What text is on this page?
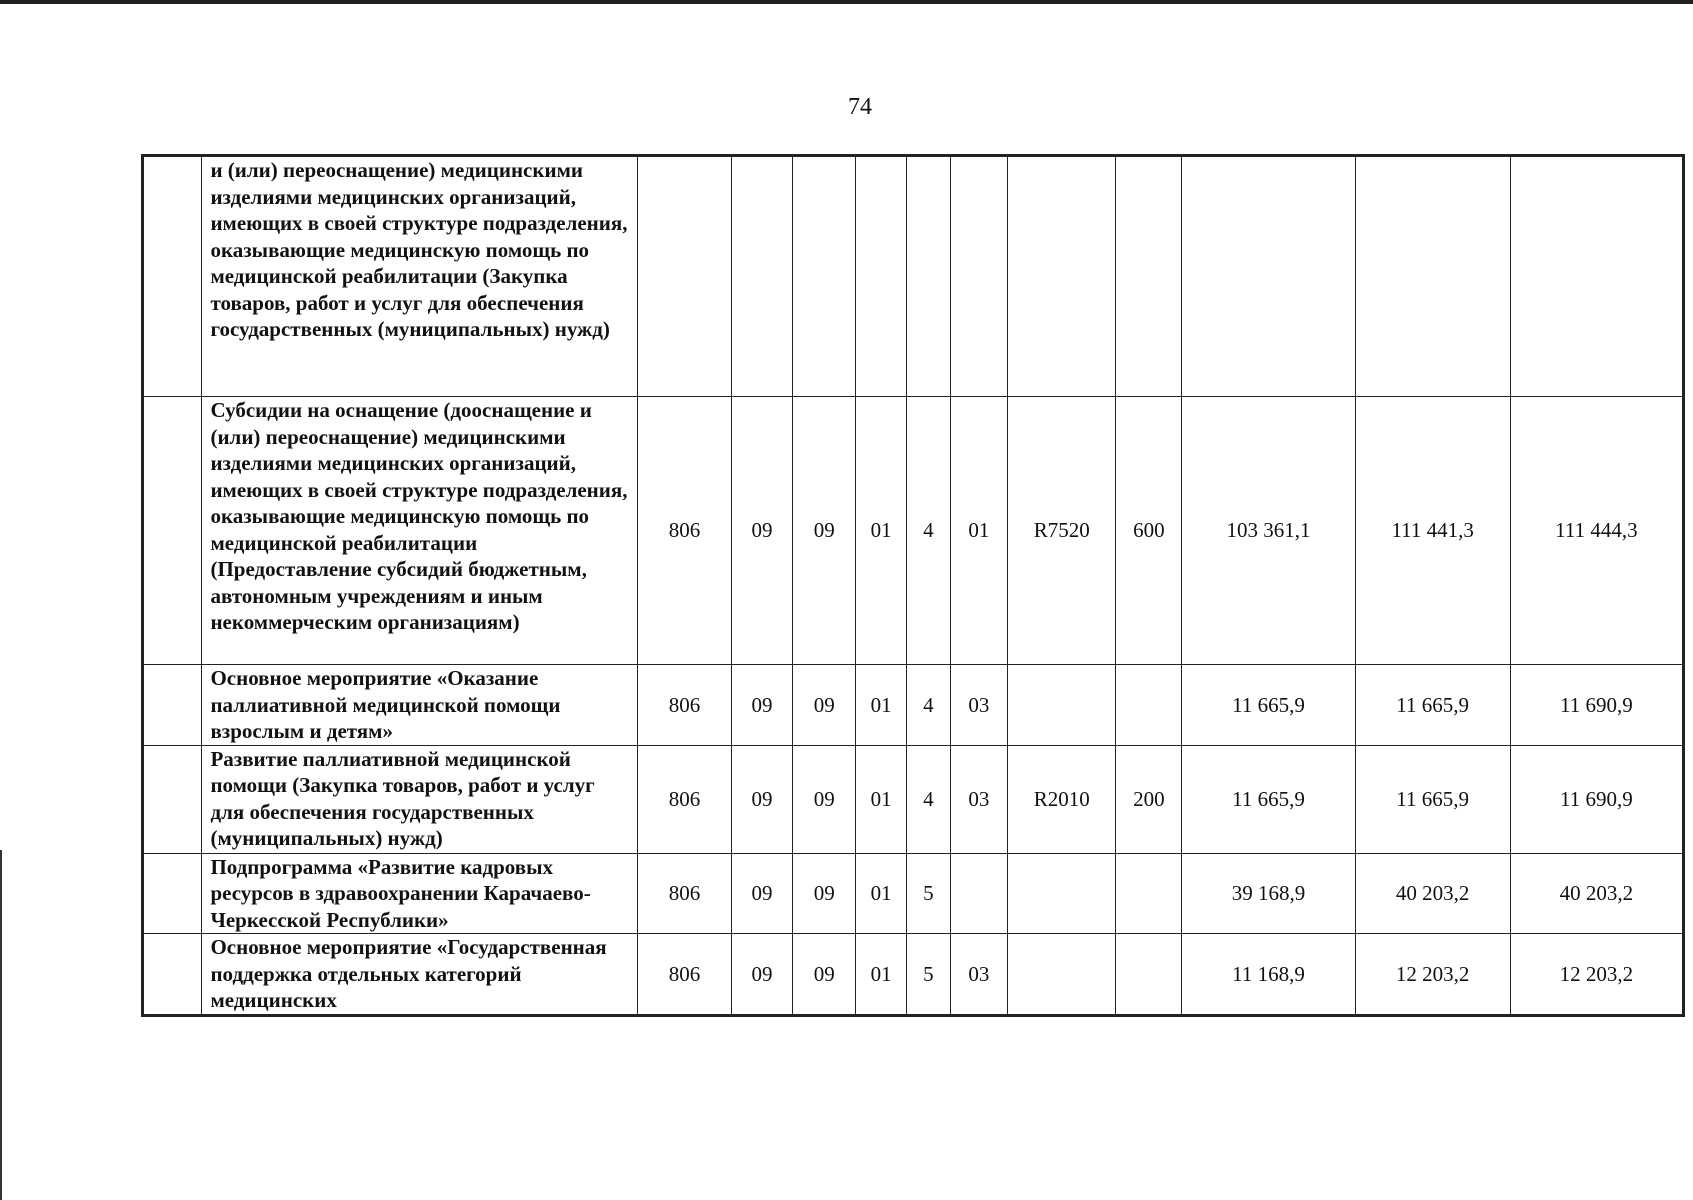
74
	и (или) переоснащение) медицинскими изделиями медицинских организаций, имеющих в своей структуре подразделения, оказывающие медицинскую помощь по медицинской реабилитации (Закупка товаров, работ и услуг для обеспечения государственных (муниципальных) нужд)											
	Субсидии на оснащение (дооснащение и (или) переоснащение) медицинскими изделиями медицинских организаций, имеющих в своей структуре подразделения, оказывающие медицинскую помощь по медицинской реабилитации (Предоставление субсидий бюджетным, автономным учреждениям и иным некоммерческим организациям)	806	09	09	01	4	01	R7520	600	103 361,1	111 441,3	111 444,3
	Основное мероприятие «Оказание паллиативной медицинской помощи взрослым и детям»	806	09	09	01	4	03			11 665,9	11 665,9	11 690,9
	Развитие паллиативной медицинской помощи (Закупка товаров, работ и услуг для обеспечения государственных (муниципальных) нужд)	806	09	09	01	4	03	R2010	200	11 665,9	11 665,9	11 690,9
	Подпрограмма «Развитие кадровых ресурсов в здравоохранении Карачаево-Черкесской Республики»	806	09	09	01	5				39 168,9	40 203,2	40 203,2
	Основное мероприятие «Государственная поддержка отдельных категорий медицинских	806	09	09	01	5	03			11 168,9	12 203,2	12 203,2
